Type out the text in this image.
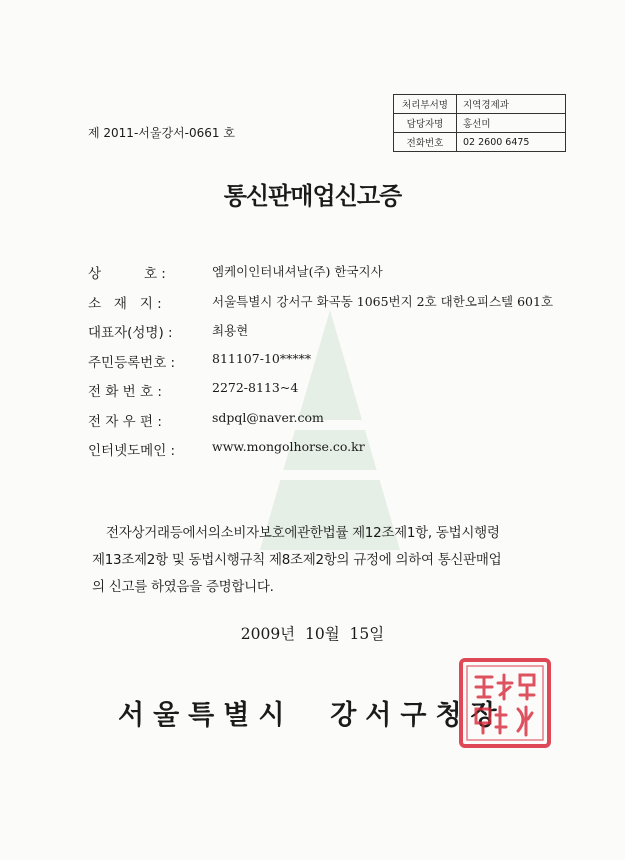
처리부서명	지역경제과
담당자명	홍선미
전화번호	02 2600 6475
제 2011-서울강서-0661 호
통신판매업신고증
상          호 :	엠케이인터내셔날(주) 한국지사
소   재   지 :	서울특별시 강서구 화곡동 1065번지 2호 대한오피스텔 601호
대표자(성명) :	최용현
주민등록번호 :	811107-10*****
전 화 번 호 :	2272-8113~4
전 자 우 편 :	sdpql@naver.com
인터넷도메인 :	www.mongolhorse.co.kr
전자상거래등에서의소비자보호에관한법률 제12조제1항, 동법시행령
제13조제2항 및 동법시행규칙 제8조제2항의 규정에 의하여 통신판매업
의 신고를 하였음을 증명합니다.
2009년  10월  15일
서울특별시  강서구청장
